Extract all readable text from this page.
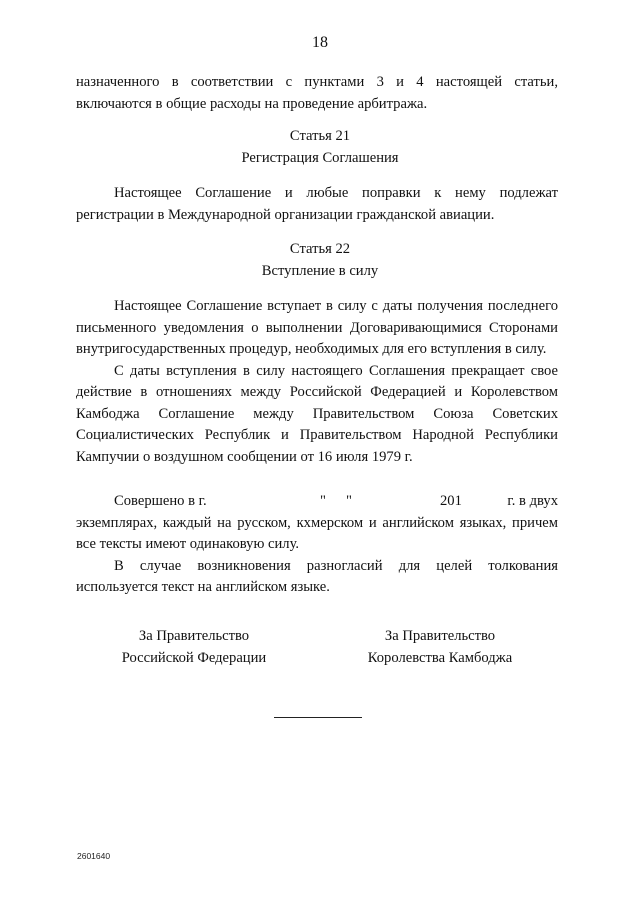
18

назначенного в соответствии с пунктами 3 и 4 настоящей статьи,

включаются в общие расходы на проведение арбитража.

Статья 21
Регистрация Соглашения

Настоящее Соглашение и любые поправки к нему подлежат регистрации в Международной организации гражданской авиации.

Статья 22
Вступление в силу

Настоящее Соглашение вступает в силу с даты получения последнего письменного уведомления о выполнении Договаривающимися Сторонами внутригосударственных процедур, необходимых для его вступления в силу.

С даты вступления в силу настоящего Соглашения прекращает свое действие в отношениях между Российской Федерацией и Королевством Камбоджа Соглашение между Правительством Союза Советских Социалистических Республик и Правительством Народной Республики Кампучии о воздушном сообщении от 16 июля 1979 г.

Совершено в г.	" "	201	г. в двух

экземплярах, каждый на русском, кхмерском и английском языках, причем все тексты имеют одинаковую силу.

В случае возникновения разногласий для целей толкования используется текст на английском языке.

За Правительство
Российской Федерации
За Правительство
Королевства Камбоджа
2601640
